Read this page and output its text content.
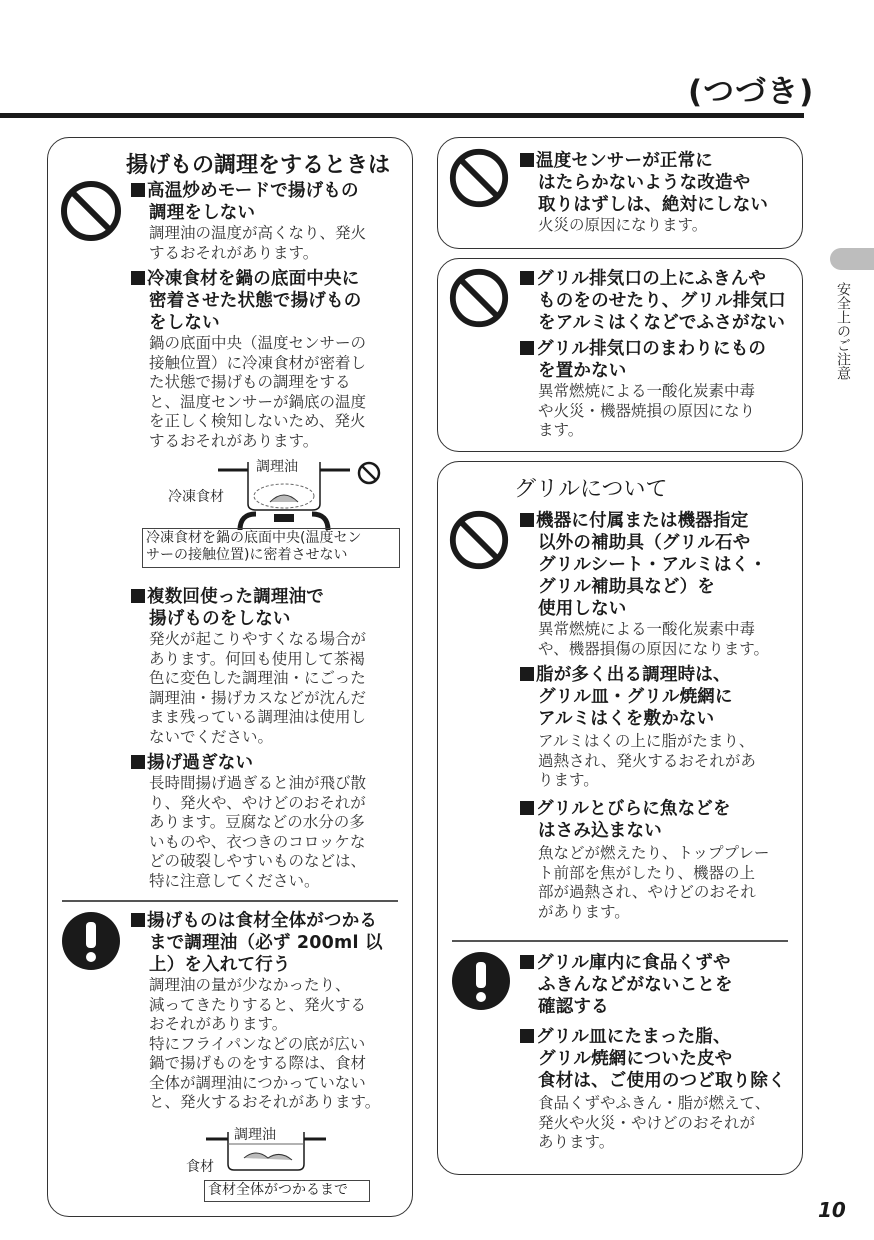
(つづき)
安全上のご注意
揚げもの調理をするときは
高温炒めモードで揚げもの
調理をしない
調理油の温度が高くなり、発火
するおそれがあります。
冷凍食材を鍋の底面中央に
密着させた状態で揚げもの
をしない
鍋の底面中央（温度センサーの
接触位置）に冷凍食材が密着し
た状態で揚げもの調理をする
と、温度センサーが鍋底の温度
を正しく検知しないため、発火
するおそれがあります。
調理油
冷凍食材
冷凍食材を鍋の底面中央(温度セン
サーの接触位置)に密着させない
複数回使った調理油で
揚げものをしない
発火が起こりやすくなる場合が
あります。何回も使用して茶褐
色に変色した調理油・にごった
調理油・揚げカスなどが沈んだ
まま残っている調理油は使用し
ないでください。
揚げ過ぎない
長時間揚げ過ぎると油が飛び散
り、発火や、やけどのおそれが
あります。豆腐などの水分の多
いものや、衣つきのコロッケな
どの破裂しやすいものなどは、
特に注意してください。
揚げものは食材全体がつかる
まで調理油（必ず 200ml 以
上）を入れて行う
調理油の量が少なかったり、
減ってきたりすると、発火する
おそれがあります。
特にフライパンなどの底が広い
鍋で揚げものをする際は、食材
全体が調理油につかっていない
と、発火するおそれがあります。
調理油
食材
食材全体がつかるまで
温度センサーが正常に
はたらかないような改造や
取りはずしは、絶対にしない
火災の原因になります。
グリル排気口の上にふきんや
ものをのせたり、グリル排気口
をアルミはくなどでふさがない
グリル排気口のまわりにもの
を置かない
異常燃焼による一酸化炭素中毒
や火災・機器焼損の原因になり
ます。
グリルについて
機器に付属または機器指定
以外の補助具（グリル石や
グリルシート・アルミはく・
グリル補助具など）を
使用しない
異常燃焼による一酸化炭素中毒
や、機器損傷の原因になります。
脂が多く出る調理時は、
グリル皿・グリル焼網に
アルミはくを敷かない
アルミはくの上に脂がたまり、
過熱され、発火するおそれがあ
ります。
グリルとびらに魚などを
はさみ込まない
魚などが燃えたり、トッププレー
ト前部を焦がしたり、機器の上
部が過熱され、やけどのおそれ
があります。
グリル庫内に食品くずや
ふきんなどがないことを
確認する
グリル皿にたまった脂、
グリル焼網についた皮や
食材は、ご使用のつど取り除く
食品くずやふきん・脂が燃えて、
発火や火災・やけどのおそれが
あります。
10
